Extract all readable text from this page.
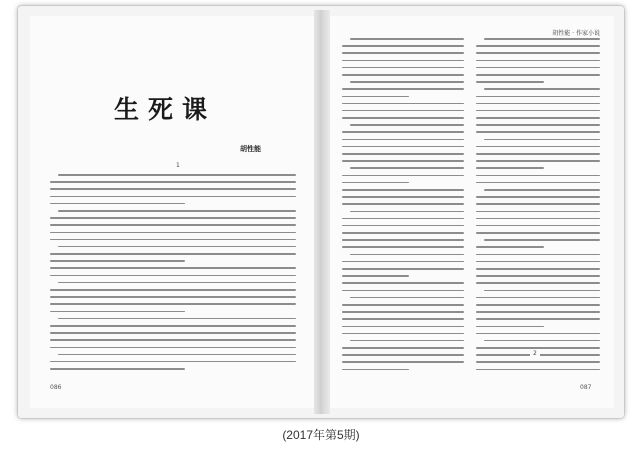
生死课
胡性能
1
086
胡性能 · 作家小说
2
087
(2017年第5期)
